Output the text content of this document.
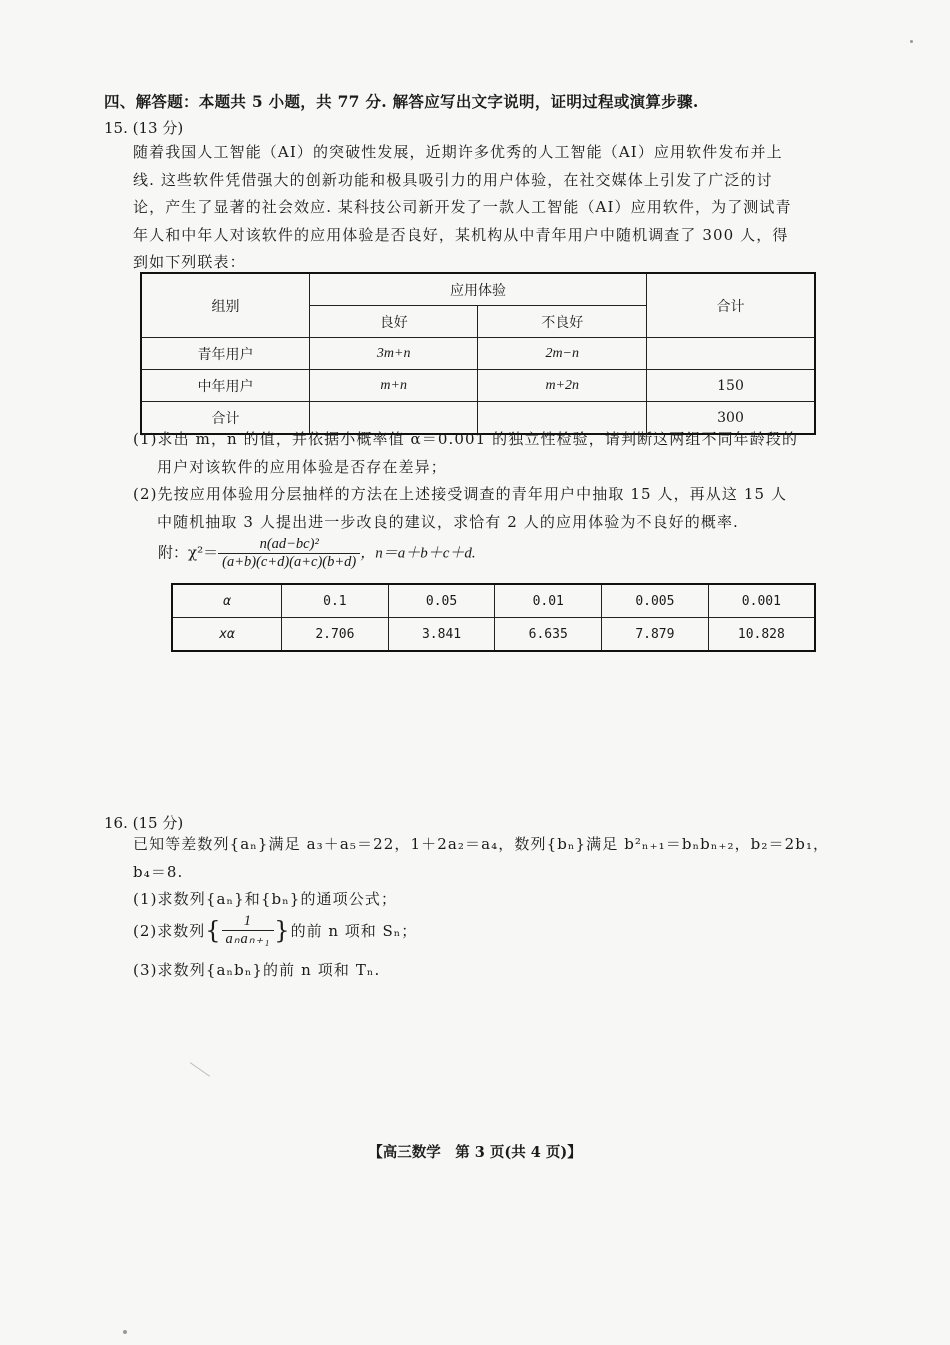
四、解答题：本题共 5 小题，共 77 分. 解答应写出文字说明，证明过程或演算步骤.
15. (13 分)

随着我国人工智能（AI）的突破性发展，近期许多优秀的人工智能（AI）应用软件发布并上

线. 这些软件凭借强大的创新功能和极具吸引力的用户体验，在社交媒体上引发了广泛的讨

论，产生了显著的社会效应. 某科技公司新开发了一款人工智能（AI）应用软件，为了测试青

年人和中年人对该软件的应用体验是否良好，某机构从中青年用户中随机调查了 300 人，得

到如下列联表：

组别	应用体验		合计
	良好	不良好	
青年用户	3m+n	2m−n	
中年用户	m+n	m+2n	150
合计			300

(1)求出 m，n 的值，并依据小概率值 α＝0.001 的独立性检验，请判断这两组不同年龄段的

用户对该软件的应用体验是否存在差异；

(2)先按应用体验用分层抽样的方法在上述接受调查的青年用户中抽取 15 人，再从这 15 人

中随机抽取 3 人提出进一步改良的建议，求恰有 2 人的应用体验为不良好的概率.

附：$\chi^2= \frac{\text{n(ad−bc)²}}{(a+b)(c+d)(a+c)(b+d)}$ ，n＝a＋b＋c＋d.
α	0.1	0.05	0.01	0.005	0.001
xα	2.706	3.841	6.635	7.879	10.828
16. (15 分)

已知等差数列{aₙ}满足 a₃＋a₅＝22，1＋2a₂＝a₄，数列{bₙ}满足 b²ₙ₊₁＝bₙbₙ₊₂，b₂＝2b₁，

b₄＝8.

(1)求数列{aₙ}和{bₙ}的通项公式；

(2)求数列{ $\frac{1}{\text{aₙaₙ₊₁}}$ }的前 n 项和 Sₙ；

(3)求数列{aₙbₙ}的前 n 项和 Tₙ.

【高三数学　第 3 页(共 4 页)】
